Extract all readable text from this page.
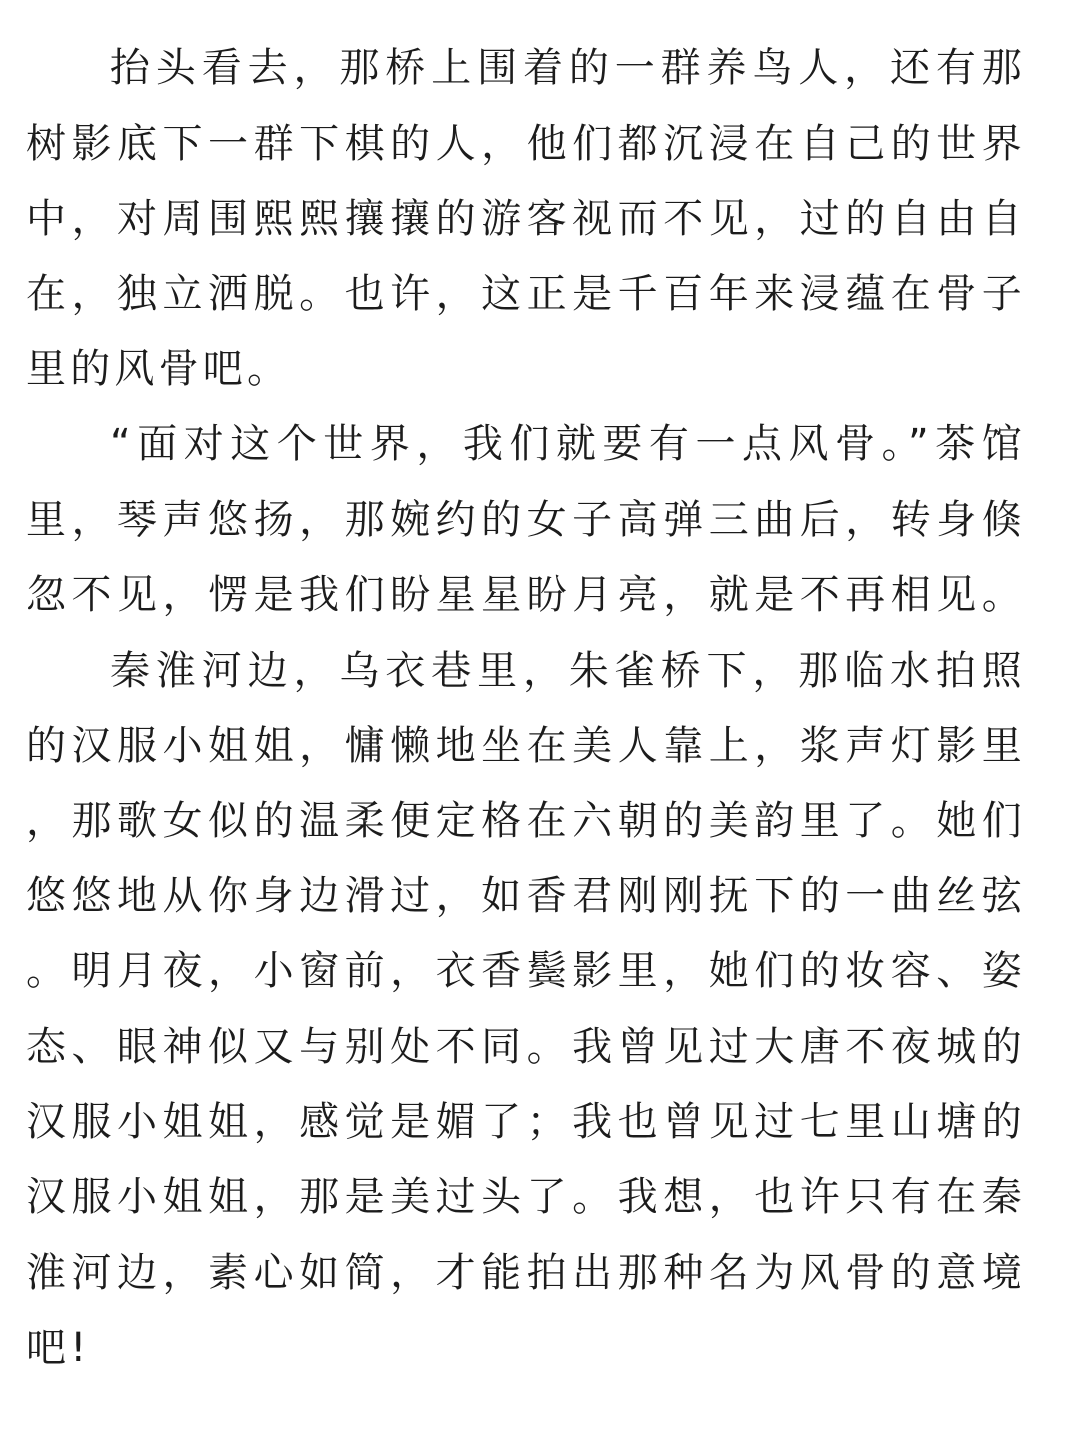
抬头看去，那桥上围着的一群养鸟人，还有那
树影底下一群下棋的人，他们都沉浸在自己的世界
中，对周围熙熙攘攘的游客视而不见，过的自由自
在，独立洒脱。也许，这正是千百年来浸蕴在骨子
里的风骨吧。
“面对这个世界，我们就要有一点风骨。”茶馆
里，琴声悠扬，那婉约的女子高弹三曲后，转身倏
忽不见，愣是我们盼星星盼月亮，就是不再相见。
秦淮河边，乌衣巷里，朱雀桥下，那临水拍照
的汉服小姐姐，慵懒地坐在美人靠上，浆声灯影里
，那歌女似的温柔便定格在六朝的美韵里了。她们
悠悠地从你身边滑过，如香君刚刚抚下的一曲丝弦
。明月夜，小窗前，衣香鬓影里，她们的妆容、姿
态、眼神似又与别处不同。我曾见过大唐不夜城的
汉服小姐姐，感觉是媚了；我也曾见过七里山塘的
汉服小姐姐，那是美过头了。我想，也许只有在秦
淮河边，素心如简，才能拍出那种名为风骨的意境
吧!
